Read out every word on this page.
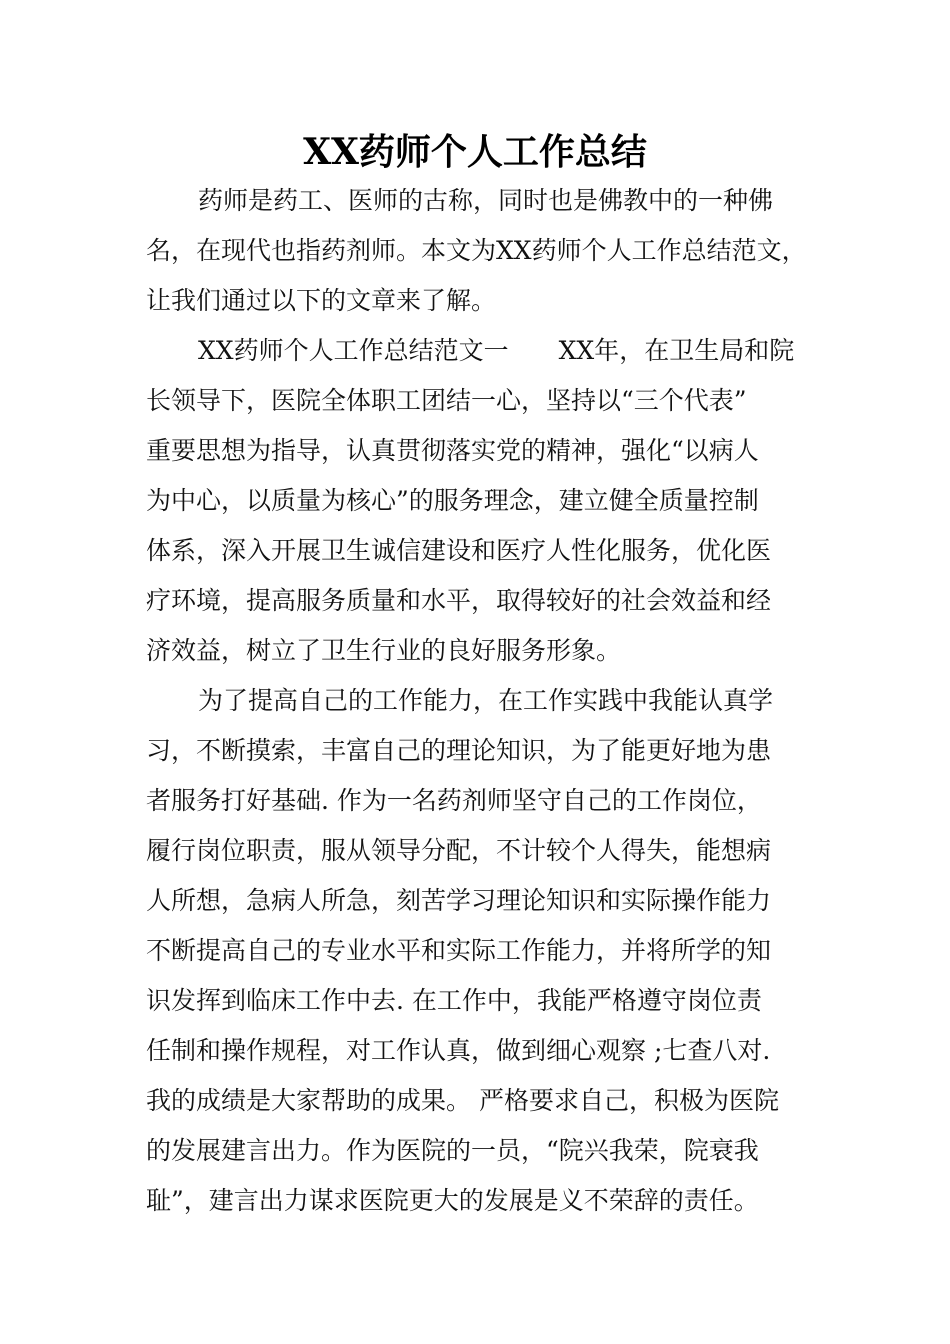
XX药师个人工作总结

药师是药工、医师的古称，同时也是佛教中的一种佛

名，在现代也指药剂师。本文为XX药师个人工作总结范文，

让我们通过以下的文章来了解。

XX药师个人工作总结范文一　　XX年，在卫生局和院

长领导下，医院全体职工团结一心，坚持以“三个代表”

重要思想为指导，认真贯彻落实党的精神，强化“以病人

为中心，以质量为核心”的服务理念，建立健全质量控制

体系，深入开展卫生诚信建设和医疗人性化服务，优化医

疗环境，提高服务质量和水平，取得较好的社会效益和经

济效益，树立了卫生行业的良好服务形象。

为了提高自己的工作能力，在工作实践中我能认真学

习，不断摸索，丰富自己的理论知识，为了能更好地为患

者服务打好基础. 作为一名药剂师坚守自己的工作岗位，

履行岗位职责，服从领导分配，不计较个人得失，能想病

人所想，急病人所急，刻苦学习理论知识和实际操作能力

不断提高自己的专业水平和实际工作能力，并将所学的知

识发挥到临床工作中去. 在工作中，我能严格遵守岗位责

任制和操作规程，对工作认真，做到细心观察 ;七查八对.

我的成绩是大家帮助的成果。 严格要求自己，积极为医院

的发展建言出力。作为医院的一员，“院兴我荣，院衰我

耻”，建言出力谋求医院更大的发展是义不荣辞的责任。
